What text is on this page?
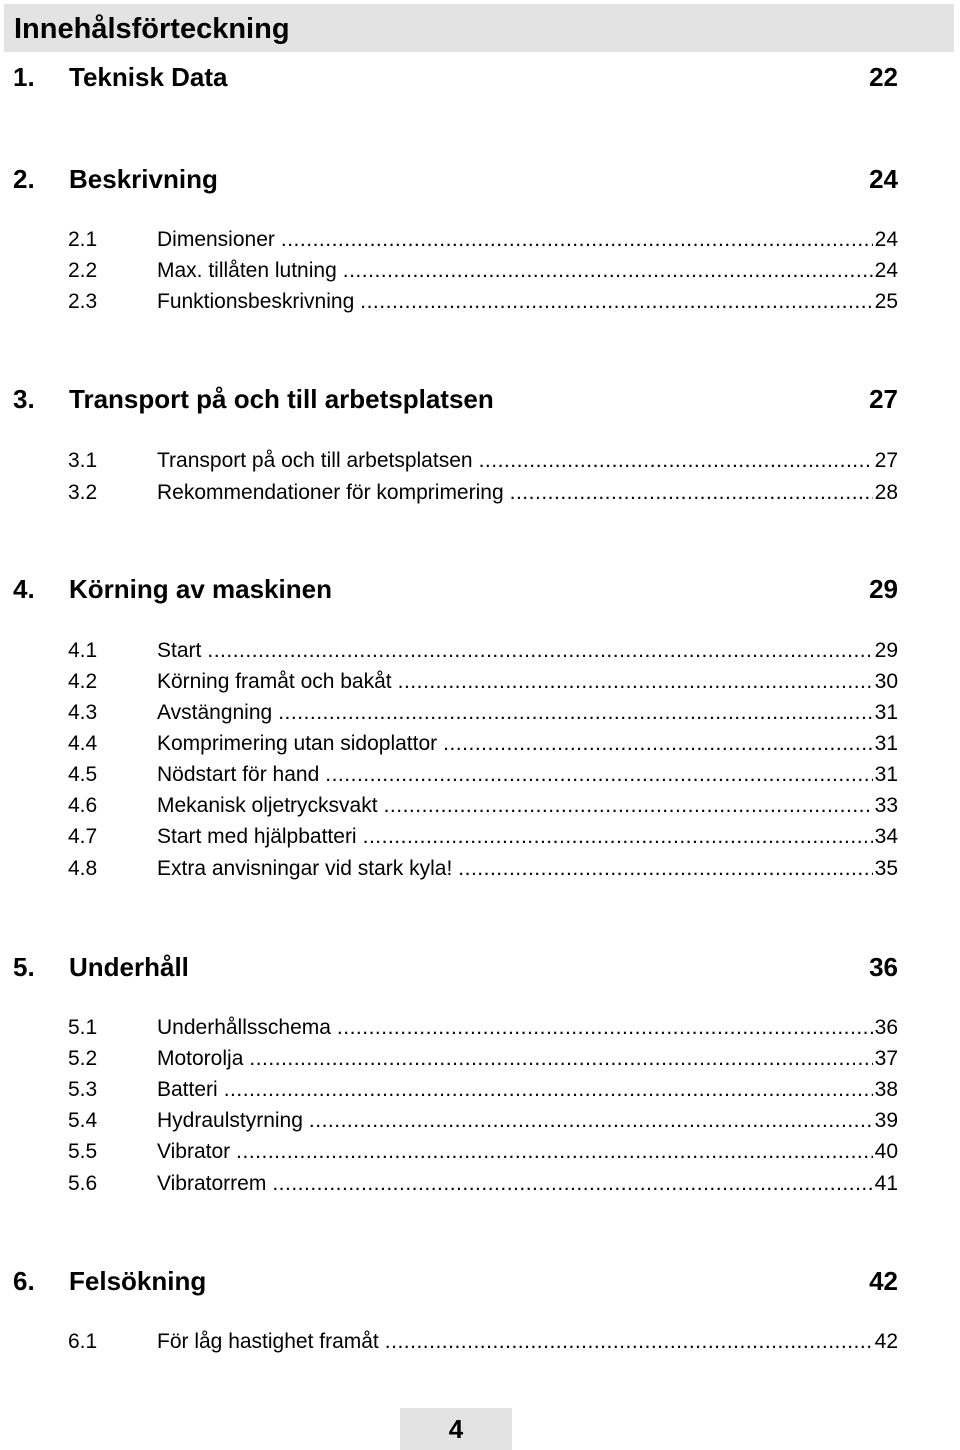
Innehålsförteckning
1. Teknisk Data	22
2. Beskrivning	24
2.1	Dimensioner .....	24
2.2	Max. tillåten lutning .....	24
2.3	Funktionsbeskrivning .....	25
3. Transport på och till arbetsplatsen	27
3.1	Transport på och till arbetsplatsen .....	27
3.2	Rekommendationer för komprimering .....	28
4. Körning av maskinen	29
4.1	Start .....	29
4.2	Körning framåt och bakåt .....	30
4.3	Avstängning .....	31
4.4	Komprimering utan sidoplattor .....	31
4.5	Nödstart för hand .....	31
4.6	Mekanisk oljetrycksvakt .....	33
4.7	Start med hjälpbatteri .....	34
4.8	Extra anvisningar vid stark kyla! .....	35
5. Underhåll	36
5.1	Underhållsschema .....	36
5.2	Motorolja .....	37
5.3	Batteri .....	38
5.4	Hydraulstyrning .....	39
5.5	Vibrator .....	40
5.6	Vibratorrem .....	41
6. Felsökning	42
6.1	För låg hastighet framåt .....	42
4
